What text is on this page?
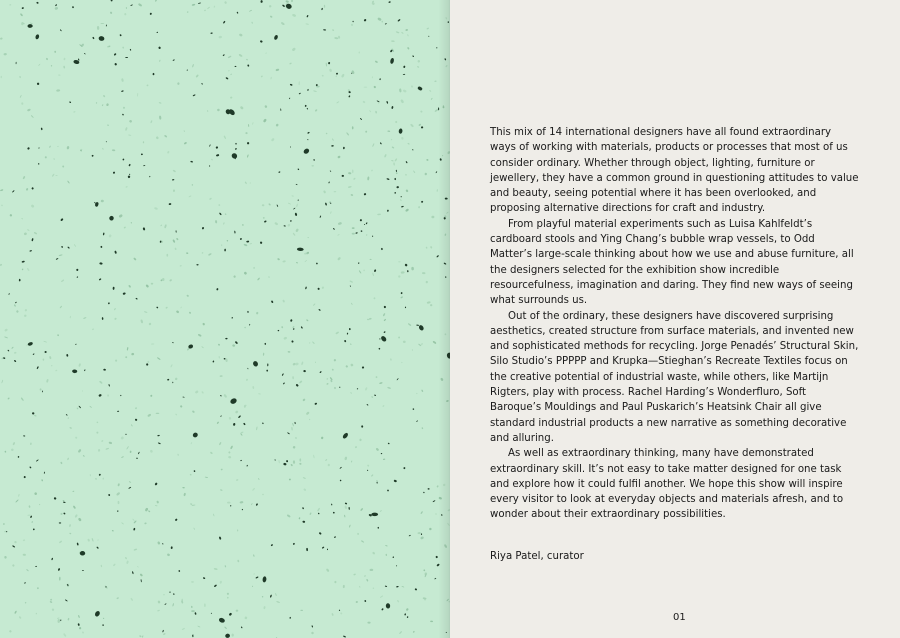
This mix of 14 international designers have all found extraordinary ways of working with materials, products or processes that most of us consider ordinary. Whether through object, lighting, furniture or jewellery, they have a common ground in questioning attitudes to value and beauty, seeing potential where it has been overlooked, and proposing alternative directions for craft and industry.

From playful material experiments such as Luisa Kahlfeldt’s cardboard stools and Ying Chang’s bubble wrap vessels, to Odd Matter’s large-scale thinking about how we use and abuse furniture, all the designers selected for the exhibition show incredible resourcefulness, imagination and daring. They find new ways of seeing what surrounds us.

Out of the ordinary, these designers have discovered surprising aesthetics, created structure from surface materials, and invented new and sophisticated methods for recycling. Jorge Penadés’ Structural Skin, Silo Studio’s PPPPP and Krupka—Stieghan’s Recreate Textiles focus on the creative potential of industrial waste, while others, like Martijn Rigters, play with process. Rachel Harding’s Wonderfluro, Soft Baroque’s Mouldings and Paul Puskarich’s Heatsink Chair all give standard industrial products a new narrative as something decorative and alluring.

As well as extraordinary thinking, many have demonstrated extraordinary skill. It’s not easy to take matter designed for one task and explore how it could fulfil another. We hope this show will inspire every visitor to look at everyday objects and materials afresh, and to wonder about their extraordinary possibilities.

Riya Patel, curator
01
